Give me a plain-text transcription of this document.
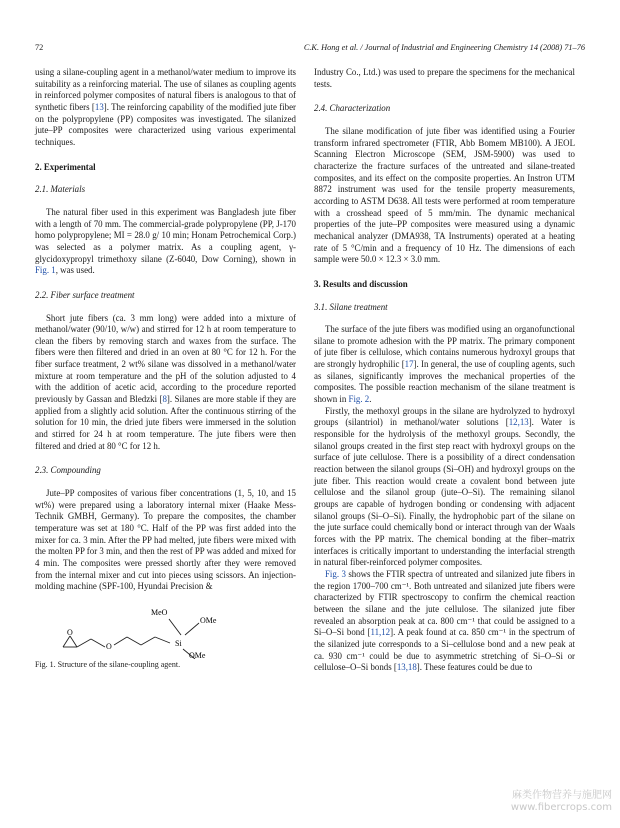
72	C.K. Hong et al. / Journal of Industrial and Engineering Chemistry 14 (2008) 71–76

using a silane-coupling agent in a methanol/water medium to improve its suitability as a reinforcing material. The use of silanes as coupling agents in reinforced polymer composites of natural fibers is analogous to that of synthetic fibers [13]. The reinforcing capability of the modified jute fiber on the polypropylene (PP) composites was investigated. The silanized jute–PP composites were characterized using various experimental techniques.

2. Experimental

2.1. Materials

The natural fiber used in this experiment was Bangladesh jute fiber with a length of 70 mm. The commercial-grade polypropylene (PP, J-170 homo polypropylene; MI = 28.0 g/ 10 min; Honam Petrochemical Corp.) was selected as a polymer matrix. As a coupling agent, γ-glycidoxypropyl trimethoxy silane (Z-6040, Dow Corning), shown in Fig. 1, was used.

2.2. Fiber surface treatment

Short jute fibers (ca. 3 mm long) were added into a mixture of methanol/water (90/10, w/w) and stirred for 12 h at room temperature to clean the fibers by removing starch and waxes from the surface. The fibers were then filtered and dried in an oven at 80 °C for 12 h. For the fiber surface treatment, 2 wt% silane was dissolved in a methanol/water mixture at room temperature and the pH of the solution adjusted to 4 with the addition of acetic acid, according to the procedure reported previously by Gassan and Bledzki [8]. Silanes are more stable if they are applied from a slightly acid solution. After the continuous stirring of the solution for 10 min, the dried jute fibers were immersed in the solution and stirred for 24 h at room temperature. The jute fibers were then filtered and dried at 80 °C for 12 h.

2.3. Compounding

Jute–PP composites of various fiber concentrations (1, 5, 10, and 15 wt%) were prepared using a laboratory internal mixer (Haake Mess-Technik GMBH, Germany). To prepare the composites, the chamber temperature was set at 180 °C. Half of the PP was first added into the mixer for ca. 3 min. After the PP had melted, jute fibers were mixed with the molten PP for 3 min, and then the rest of PP was added and mixed for 4 min. The composites were pressed shortly after they were removed from the internal mixer and cut into pieces using scissors. An injection-molding machine (SPF-100, Hyundai Precision &

O
O	Si
MeO
OMe
OMe

Fig. 1. Structure of the silane-coupling agent.

Industry Co., Ltd.) was used to prepare the specimens for the mechanical tests.

2.4. Characterization

The silane modification of jute fiber was identified using a Fourier transform infrared spectrometer (FTIR, Abb Bomem MB100). A JEOL Scanning Electron Microscope (SEM, JSM-5900) was used to characterize the fracture surfaces of the untreated and silane-treated composites, and its effect on the composite properties. An Instron UTM 8872 instrument was used for the tensile property measurements, according to ASTM D638. All tests were performed at room temperature with a crosshead speed of 5 mm/min. The dynamic mechanical properties of the jute–PP composites were measured using a dynamic mechanical analyzer (DMA938, TA Instruments) operated at a heating rate of 5 °C/min and a frequency of 10 Hz. The dimensions of each sample were 50.0 × 12.3 × 3.0 mm.

3. Results and discussion

3.1. Silane treatment

The surface of the jute fibers was modified using an organofunctional silane to promote adhesion with the PP matrix. The primary component of jute fiber is cellulose, which contains numerous hydroxyl groups that are strongly hydrophilic [17]. In general, the use of coupling agents, such as silanes, significantly improves the mechanical properties of the composites. The possible reaction mechanism of the silane treatment is shown in Fig. 2.

Firstly, the methoxyl groups in the silane are hydrolyzed to hydroxyl groups (silantriol) in methanol/water solutions [12,13]. Water is responsible for the hydrolysis of the methoxyl groups. Secondly, the silanol groups created in the first step react with hydroxyl groups on the surface of jute cellulose. There is a possibility of a direct condensation reaction between the silanol groups (Si–OH) and hydroxyl groups on the jute fiber. This reaction would create a covalent bond between jute cellulose and the silanol group (jute–O–Si). The remaining silanol groups are capable of hydrogen bonding or condensing with adjacent silanol groups (Si–O–Si). Finally, the hydrophobic part of the silane on the jute surface could chemically bond or interact through van der Waals forces with the PP matrix. The chemical bonding at the fiber–matrix interfaces is critically important to understanding the interfacial strength in natural fiber-reinforced polymer composites.

Fig. 3 shows the FTIR spectra of untreated and silanized jute fibers in the region 1700–700 cm⁻¹. Both untreated and silanized jute fibers were characterized by FTIR spectroscopy to confirm the chemical reaction between the silane and the jute cellulose. The silanized jute fiber revealed an absorption peak at ca. 800 cm⁻¹ that could be assigned to a Si–O–Si bond [11,12]. A peak found at ca. 850 cm⁻¹ in the spectrum of the silanized jute corresponds to a Si–cellulose bond and a new peak at ca. 930 cm⁻¹ could be due to asymmetric stretching of Si–O–Si or cellulose–O–Si bonds [13,18]. These features could be due to

麻类作物营养与施肥网
www.fibercrops.com
